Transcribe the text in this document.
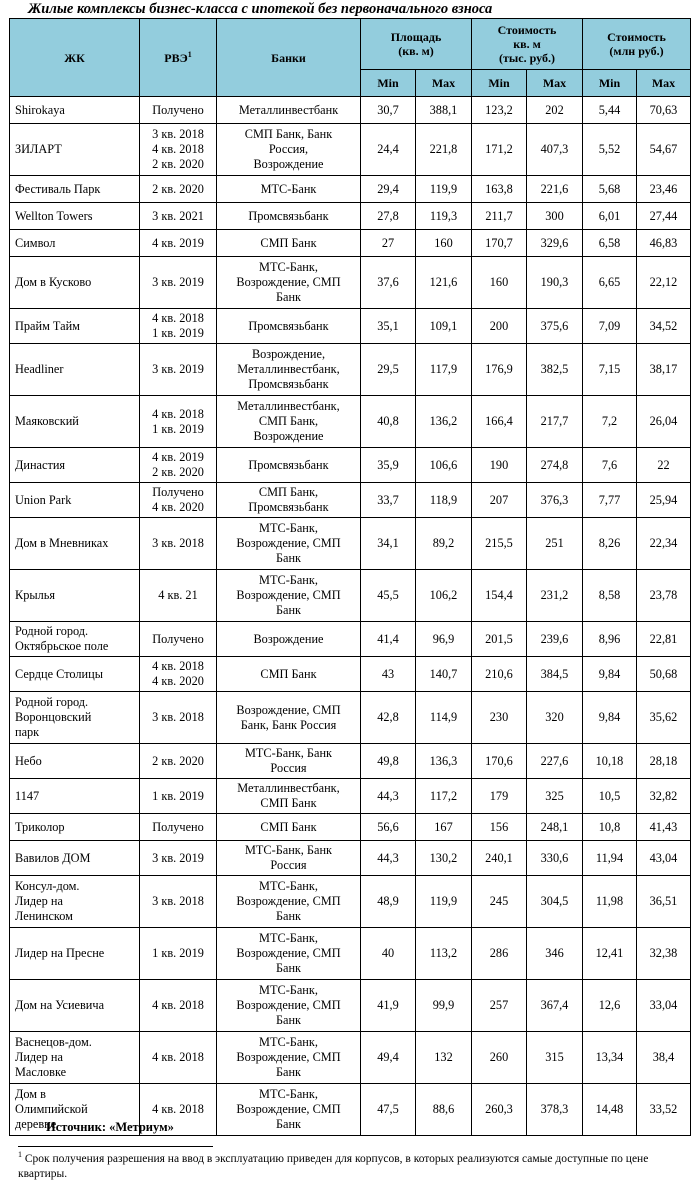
Жилые комплексы бизнес-класса с ипотекой без первоначального взноса
ЖК	РВЭ$^1$	Банки	Площадь
(кв. м)		Стоимость
кв. м
(тыс. руб.)		Стоимость
(млн руб.)	
			Min	Max	Min	Max	Min	Max
Shirokaya	Получено	Металлинвестбанк	30,7	388,1	123,2	202	5,44	70,63
ЗИЛАРТ	3 кв. 2018
4 кв. 2018
2 кв. 2020	СМП Банк, Банк
Россия,
Возрождение	24,4	221,8	171,2	407,3	5,52	54,67
Фестиваль Парк	2 кв. 2020	МТС-Банк	29,4	119,9	163,8	221,6	5,68	23,46
Wellton Towers	3 кв. 2021	Промсвязьбанк	27,8	119,3	211,7	300	6,01	27,44
Символ	4 кв. 2019	СМП Банк	27	160	170,7	329,6	6,58	46,83
Дом в Кусково	3 кв. 2019	МТС-Банк,
Возрождение, СМП
Банк	37,6	121,6	160	190,3	6,65	22,12
Прайм Тайм	4 кв. 2018
1 кв. 2019	Промсвязьбанк	35,1	109,1	200	375,6	7,09	34,52
Headliner	3 кв. 2019	Возрождение,
Металлинвестбанк,
Промсвязьбанк	29,5	117,9	176,9	382,5	7,15	38,17
Маяковский	4 кв. 2018
1 кв. 2019	Металлинвестбанк,
СМП Банк,
Возрождение	40,8	136,2	166,4	217,7	7,2	26,04
Династия	4 кв. 2019
2 кв. 2020	Промсвязьбанк	35,9	106,6	190	274,8	7,6	22
Union Park	Получено
4 кв. 2020	СМП Банк,
Промсвязьбанк	33,7	118,9	207	376,3	7,77	25,94
Дом в Мневниках	3 кв. 2018	МТС-Банк,
Возрождение, СМП
Банк	34,1	89,2	215,5	251	8,26	22,34
Крылья	4 кв. 21	МТС-Банк,
Возрождение, СМП
Банк	45,5	106,2	154,4	231,2	8,58	23,78
Родной город.
Октябрьское поле	Получено	Возрождение	41,4	96,9	201,5	239,6	8,96	22,81
Сердце Столицы	4 кв. 2018
4 кв. 2020	СМП Банк	43	140,7	210,6	384,5	9,84	50,68
Родной город.
Воронцовский
парк	3 кв. 2018	Возрождение, СМП
Банк, Банк Россия	42,8	114,9	230	320	9,84	35,62
Небо	2 кв. 2020	МТС-Банк, Банк
Россия	49,8	136,3	170,6	227,6	10,18	28,18
1147	1 кв. 2019	Металлинвестбанк,
СМП Банк	44,3	117,2	179	325	10,5	32,82
Триколор	Получено	СМП Банк	56,6	167	156	248,1	10,8	41,43
Вавилов ДОМ	3 кв. 2019	МТС-Банк, Банк
Россия	44,3	130,2	240,1	330,6	11,94	43,04
Консул-дом.
Лидер на
Ленинском	3 кв. 2018	МТС-Банк,
Возрождение, СМП
Банк	48,9	119,9	245	304,5	11,98	36,51
Лидер на Пресне	1 кв. 2019	МТС-Банк,
Возрождение, СМП
Банк	40	113,2	286	346	12,41	32,38
Дом на Усиевича	4 кв. 2018	МТС-Банк,
Возрождение, СМП
Банк	41,9	99,9	257	367,4	12,6	33,04
Васнецов-дом.
Лидер на
Масловке	4 кв. 2018	МТС-Банк,
Возрождение, СМП
Банк	49,4	132	260	315	13,34	38,4
Дом в
Олимпийской
деревне	4 кв. 2018	МТС-Банк,
Возрождение, СМП
Банк	47,5	88,6	260,3	378,3	14,48	33,52
Источник: «Метриум»
$^1$ Срок получения разрешения на ввод в эксплуатацию приведен для корпусов, в которых реализуются самые доступные по цене квартиры.
